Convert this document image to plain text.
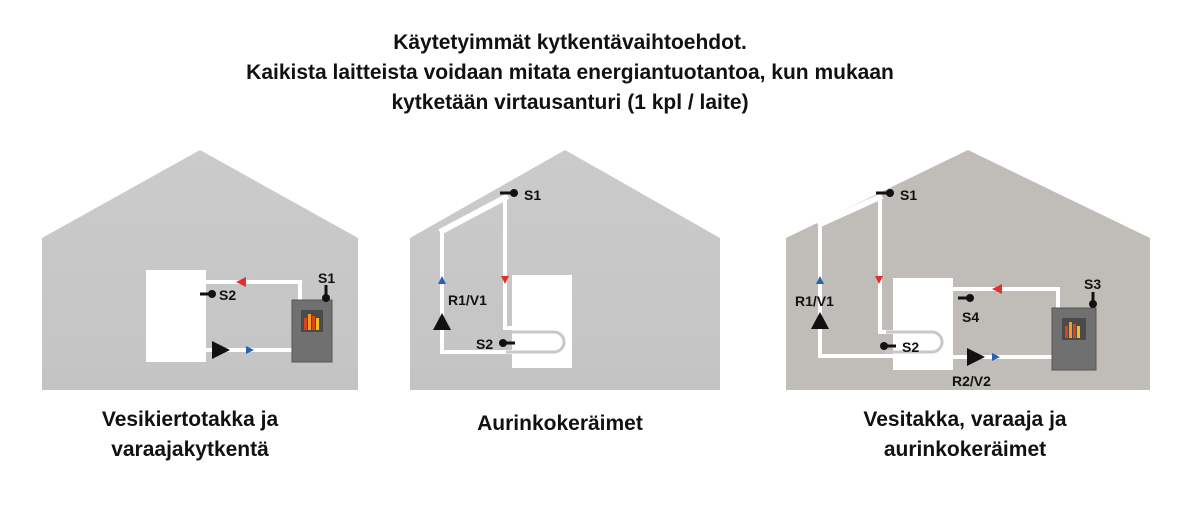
Käytetyimmät kytkentävaihtoehdot.
Kaikista laitteista voidaan mitata energiantuotantoa, kun mukaan
kytketään virtausanturi (1 kpl / laite)
S2
S1
S1
R1/V1
S2
S1
R1/V1
R2/V2
S2
S4
S3
Vesikiertotakka ja
varaajakytkentä
Aurinkokeräimet	Vesitakka, varaaja ja
aurinkokeräimet
